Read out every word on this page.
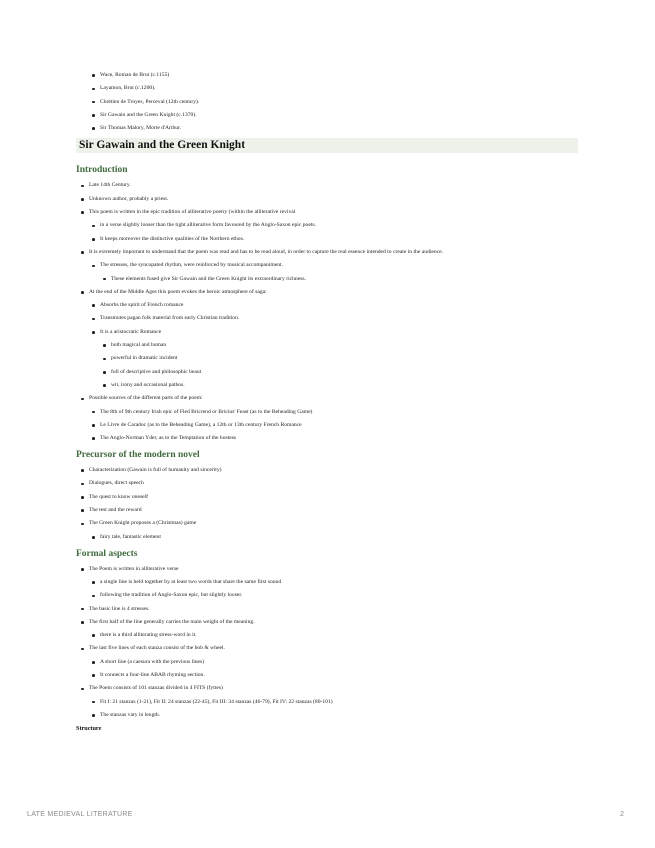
Wace, Roman de Brut (c.1155)
Layamon, Brut (c.1200).
Chrétien de Troyes, Perceval (12th century).
Sir Gawain and the Green Knight (c.1370).
Sir Thomas Malory, Morte d'Arthur.
Sir Gawain and the Green Knight
Introduction
Late 14th Century.
Unknown author, probably a priest.
This poem is written in the epic tradition of alliterative poetry (within the alliterative revival
in a verse slightly looser than the tight alliterative form favoured by the Anglo-Saxon epic poets.
It keeps moreover the distinctive qualities of the Northern ethos.
It is extremely important to understand that the poem was read and has to be read aloud, in order to capture the real essence intended to create in the audience.
The stresses, the syncopated rhythm, were reinforced by musical accompaniment.
These elements fused give Sir Gawain and the Green Knight its extraordinary richness.
At the end of the Middle Ages this poem evokes the heroic atmosphere of saga:
Absorbs the spirit of French romance
Transmutes pagan folk material from early Christian tradition.
It is a aristocratic Romance
both magical and human
powerful in dramatic incident
full of descriptive and philosophic beaut
wit, irony and occasional pathos.
Possible sources of the different parts of the poem:
The 8th of 9th century Irish epic of Fled Bricrend or Bricius' Feast (as to the Beheading Game)
Le Livre de Caradoc (as to the Beheading Game), a 12th or 13th century French Romance
The Anglo-Norman Yder, as to the Temptation of the hostess
Precursor of the modern novel
Characterization (Gawain is full of humanity and sincerity)
Dialogues, direct speech
The quest to know oneself
The test and the reward
The Green Knight proposes a (Christmas) game
fairy tale, fantastic element
Formal aspects
The Poem is written in alliterative verse
a single line is held together by at least two words that share the same first sound
following the tradition of Anglo-Saxon epic, but slightly looser.
The basic line is 4 stresses.
The first half of the line generally carries the main weight of the meaning.
there is a third alliterating stress-word in it.
The last five lines of each stanza consist of the bob & wheel.
A short line (a caesura with the previous lines)
It connects a four-line ABAB rhyming section.
The Poem consists of 101 stanzas divided in 4 FITS (fyttes)
Fit I: 21 stanzas (1-21), Fit II: 24 stanzas (22-45), Fit III: 34 stanzas (46-79), Fit IV: 22 stanzas (80-101)
The stanzas vary in length.
Structure
LATE MEDIEVAL LITERATURE	2
